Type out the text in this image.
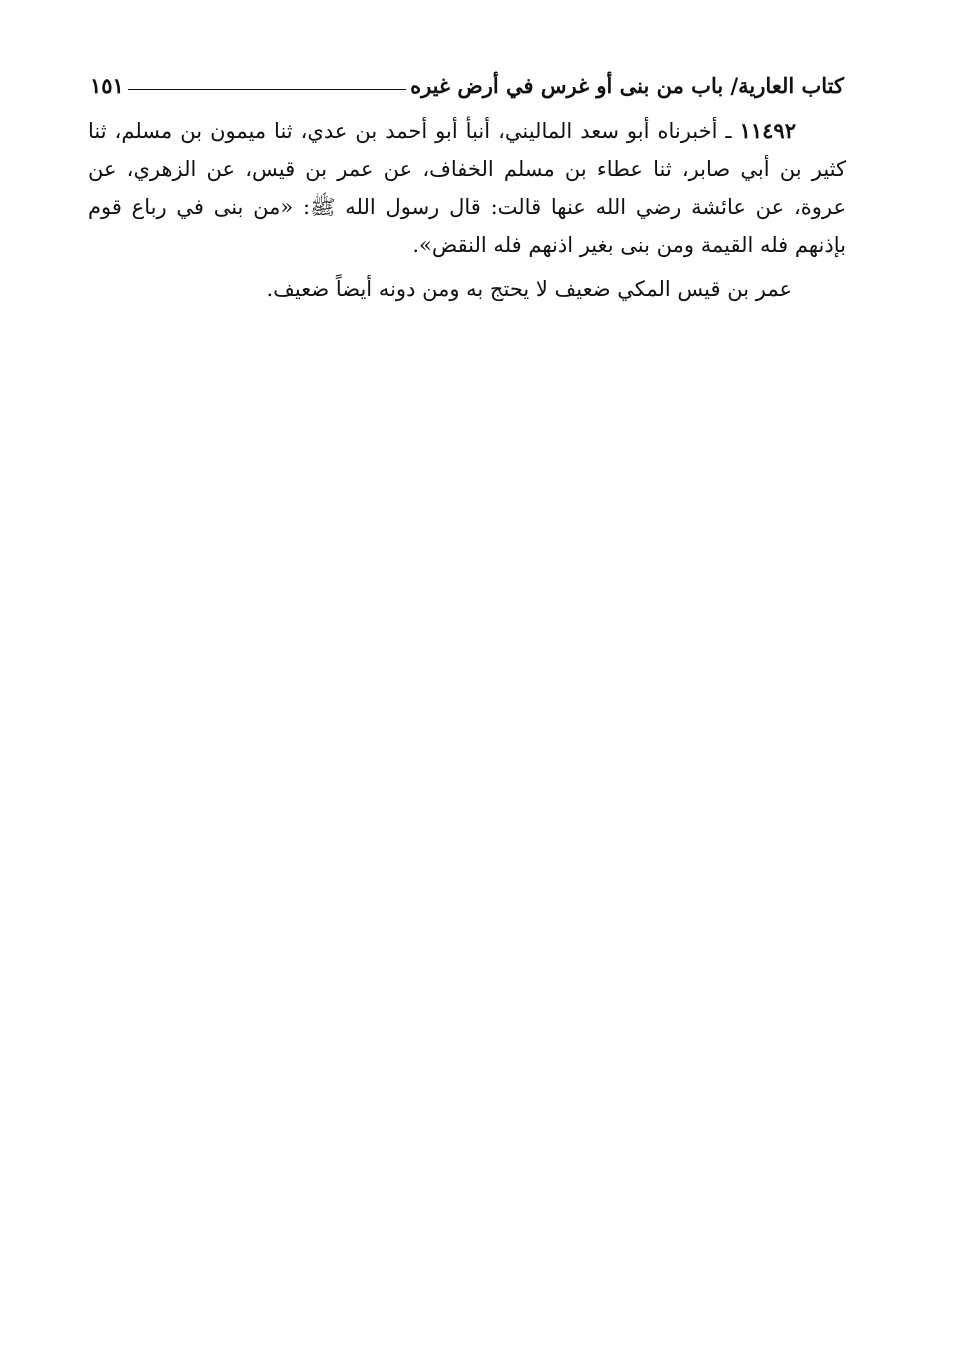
كتاب العارية/ باب من بنى أو غرس في أرض غيره
١٥١

١١٤٩٢ ـ أخبرناه أبو سعد الماليني، أنبأ أبو أحمد بن عدي، ثنا ميمون بن مسلم، ثنا كثير بن أبي صابر، ثنا عطاء بن مسلم الخفاف، عن عمر بن قيس، عن الزهري، عن عروة، عن عائشة رضي الله عنها قالت: قال رسول الله ﷺ: «من بنى في رباع قوم بإذنهم فله القيمة ومن بنى بغير اذنهم فله النقض».

عمر بن قيس المكي ضعيف لا يحتج به ومن دونه أيضاً ضعيف.
